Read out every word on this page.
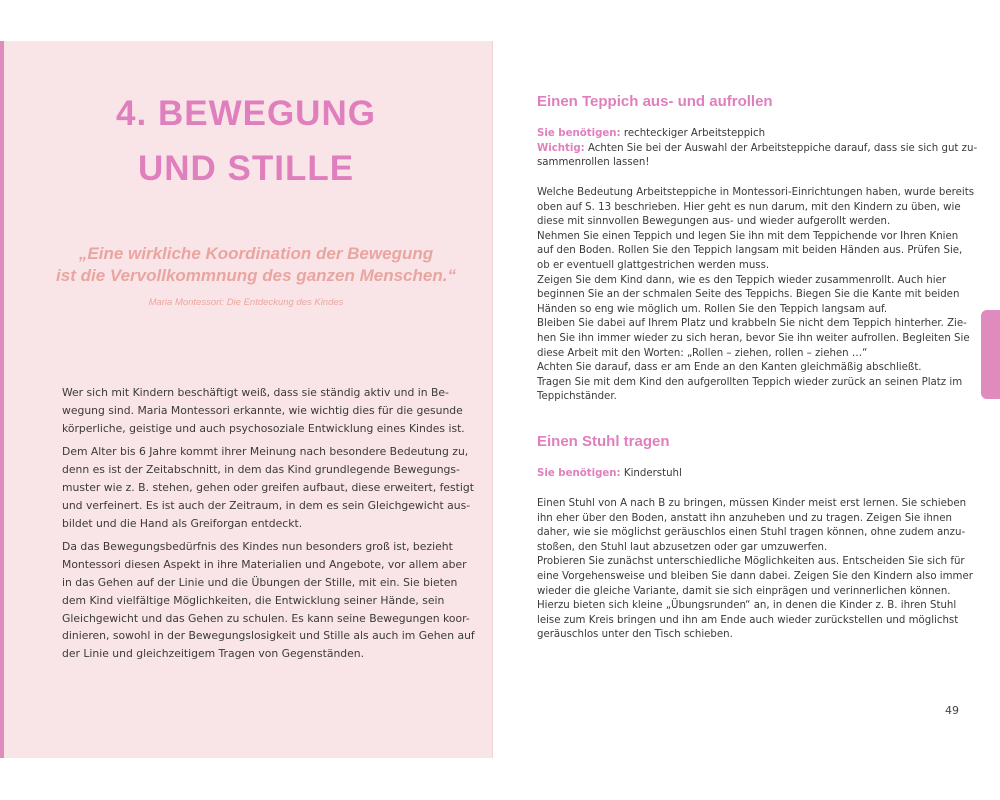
4. BEWEGUNG
UND STILLE
„Eine wirkliche Koordination der Bewegung
ist die Vervollkommnung des ganzen Menschen.“
Maria Montessori: Die Entdeckung des Kindes

Wer sich mit Kindern beschäftigt weiß, dass sie ständig aktiv und in Be-
wegung sind. Maria Montessori erkannte, wie wichtig dies für die gesunde
körperliche, geistige und auch psychosoziale Entwicklung eines Kindes ist.

Dem Alter bis 6 Jahre kommt ihrer Meinung nach besondere Bedeutung zu,
denn es ist der Zeitabschnitt, in dem das Kind grundlegende Bewegungs-
muster wie z. B. stehen, gehen oder greifen aufbaut, diese erweitert, festigt
und verfeinert. Es ist auch der Zeitraum, in dem es sein Gleichgewicht aus-
bildet und die Hand als Greiforgan entdeckt.

Da das Bewegungsbedürfnis des Kindes nun besonders groß ist, bezieht
Montessori diesen Aspekt in ihre Materialien und Angebote, vor allem aber
in das Gehen auf der Linie und die Übungen der Stille, mit ein. Sie bieten
dem Kind vielfältige Möglichkeiten, die Entwicklung seiner Hände, sein
Gleichgewicht und das Gehen zu schulen. Es kann seine Bewegungen koor-
dinieren, sowohl in der Bewegungslosigkeit und Stille als auch im Gehen auf
der Linie und gleichzeitigem Tragen von Gegenständen.

Einen Teppich aus- und aufrollen
Sie benötigen: rechteckiger Arbeitsteppich
Wichtig: Achten Sie bei der Auswahl der Arbeitsteppiche darauf, dass sie sich gut zu-
sammenrollen lassen!
Welche Bedeutung Arbeitsteppiche in Montessori-Einrichtungen haben, wurde bereits
oben auf S. 13 beschrieben. Hier geht es nun darum, mit den Kindern zu üben, wie
diese mit sinnvollen Bewegungen aus- und wieder aufgerollt werden.
Nehmen Sie einen Teppich und legen Sie ihn mit dem Teppichende vor Ihren Knien
auf den Boden. Rollen Sie den Teppich langsam mit beiden Händen aus. Prüfen Sie,
ob er eventuell glattgestrichen werden muss.
Zeigen Sie dem Kind dann, wie es den Teppich wieder zusammenrollt. Auch hier
beginnen Sie an der schmalen Seite des Teppichs. Biegen Sie die Kante mit beiden
Händen so eng wie möglich um. Rollen Sie den Teppich langsam auf.
Bleiben Sie dabei auf Ihrem Platz und krabbeln Sie nicht dem Teppich hinterher. Zie-
hen Sie ihn immer wieder zu sich heran, bevor Sie ihn weiter aufrollen. Begleiten Sie
diese Arbeit mit den Worten: „Rollen – ziehen, rollen – ziehen …“
Achten Sie darauf, dass er am Ende an den Kanten gleichmäßig abschließt.
Tragen Sie mit dem Kind den aufgerollten Teppich wieder zurück an seinen Platz im
Teppichständer.
Einen Stuhl tragen
Sie benötigen: Kinderstuhl
Einen Stuhl von A nach B zu bringen, müssen Kinder meist erst lernen. Sie schieben
ihn eher über den Boden, anstatt ihn anzuheben und zu tragen. Zeigen Sie ihnen
daher, wie sie möglichst geräuschlos einen Stuhl tragen können, ohne zudem anzu-
stoßen, den Stuhl laut abzusetzen oder gar umzuwerfen.
Probieren Sie zunächst unterschiedliche Möglichkeiten aus. Entscheiden Sie sich für
eine Vorgehensweise und bleiben Sie dann dabei. Zeigen Sie den Kindern also immer
wieder die gleiche Variante, damit sie sich einprägen und verinnerlichen können.
Hierzu bieten sich kleine „Übungsrunden“ an, in denen die Kinder z. B. ihren Stuhl
leise zum Kreis bringen und ihn am Ende auch wieder zurückstellen und möglichst
geräuschlos unter den Tisch schieben.
49
